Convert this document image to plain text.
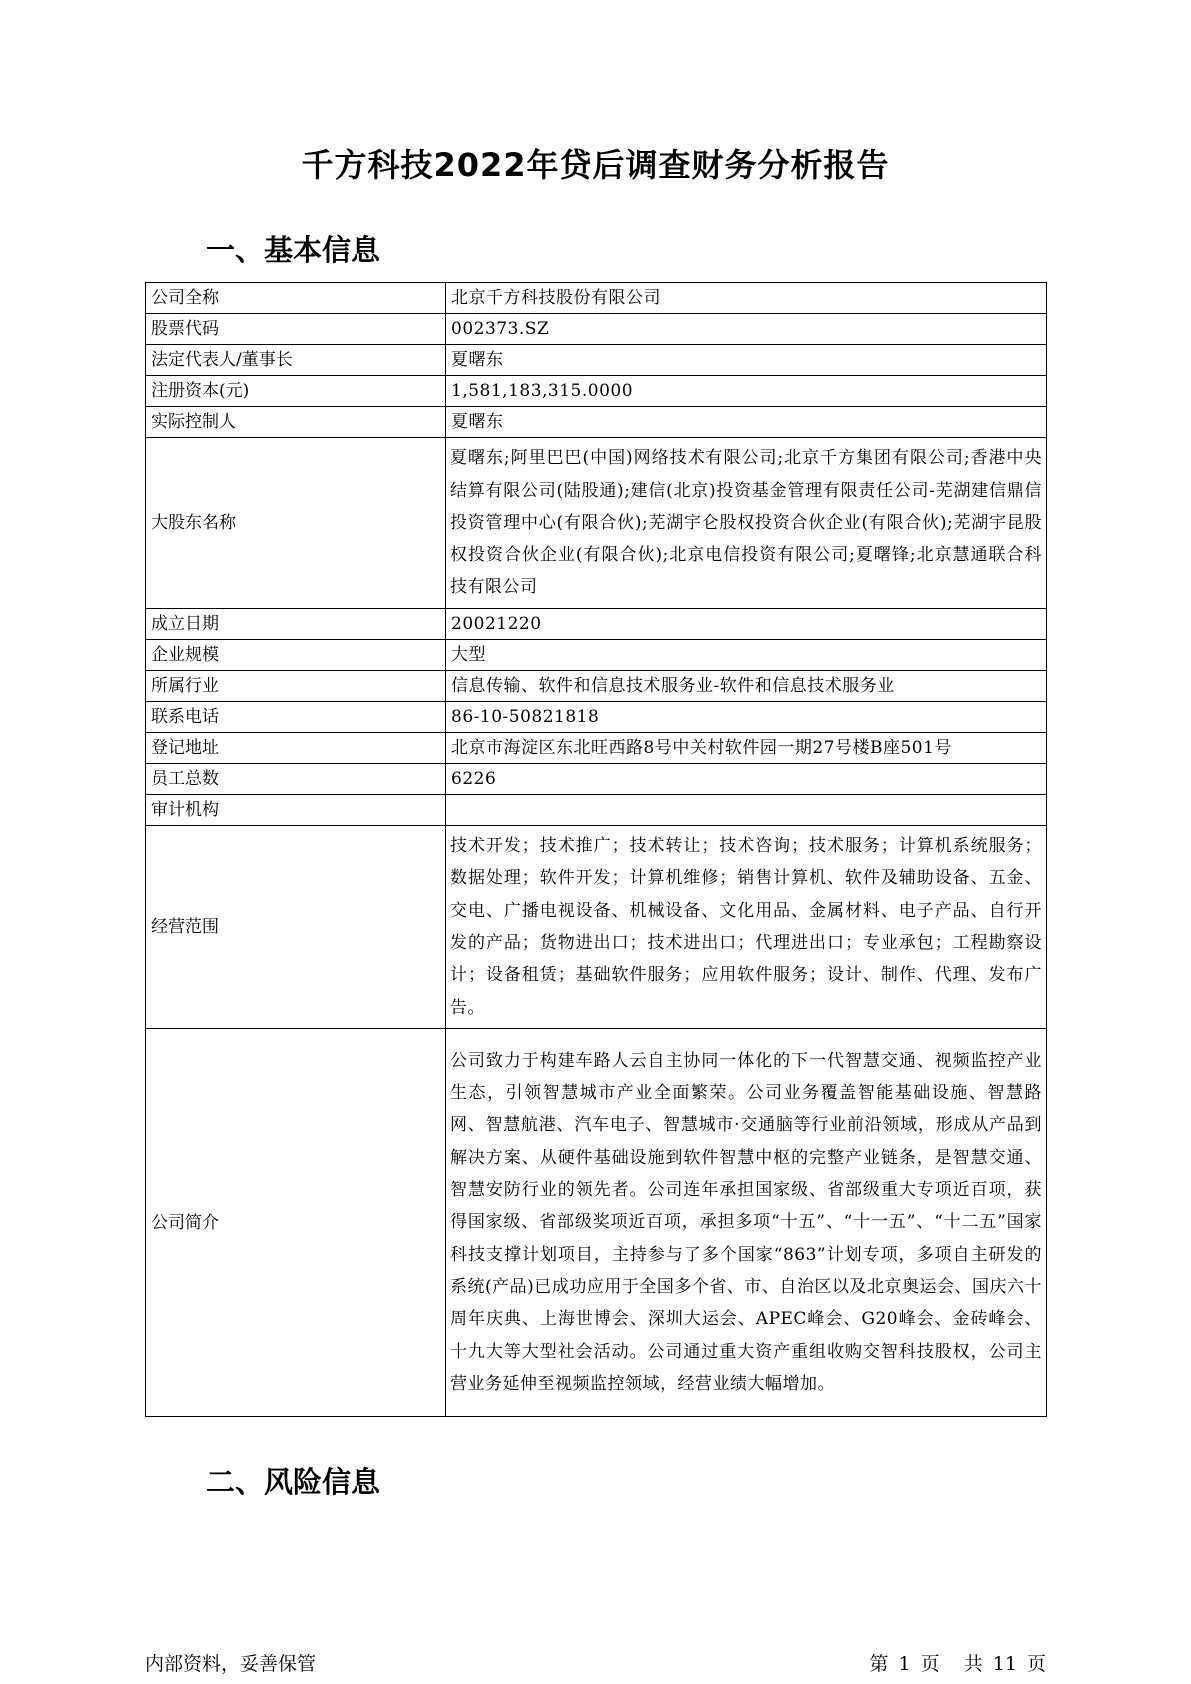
千方科技2022年贷后调查财务分析报告
一、基本信息
公司全称	北京千方科技股份有限公司
股票代码	002373.SZ
法定代表人/董事长	夏曙东
注册资本(元)	1,581,183,315.0000
实际控制人	夏曙东
大股东名称	夏曙东;阿里巴巴(中国)网络技术有限公司;北京千方集团有限公司;香港中央结算有限公司(陆股通);建信(北京)投资基金管理有限责任公司-芜湖建信鼎信投资管理中心(有限合伙);芜湖宇仑股权投资合伙企业(有限合伙);芜湖宇昆股权投资合伙企业(有限合伙);北京电信投资有限公司;夏曙锋;北京慧通联合科技有限公司
成立日期	20021220
企业规模	大型
所属行业	信息传输、软件和信息技术服务业-软件和信息技术服务业
联系电话	86-10-50821818
登记地址	北京市海淀区东北旺西路8号中关村软件园一期27号楼B座501号
员工总数	6226
审计机构	
经营范围	技术开发；技术推广；技术转让；技术咨询；技术服务；计算机系统服务；数据处理；软件开发；计算机维修；销售计算机、软件及辅助设备、五金、交电、广播电视设备、机械设备、文化用品、金属材料、电子产品、自行开发的产品；货物进出口；技术进出口；代理进出口；专业承包；工程勘察设计；设备租赁；基础软件服务；应用软件服务；设计、制作、代理、发布广告。
公司简介	公司致力于构建车路人云自主协同一体化的下一代智慧交通、视频监控产业生态，引领智慧城市产业全面繁荣。公司业务覆盖智能基础设施、智慧路网、智慧航港、汽车电子、智慧城市·交通脑等行业前沿领域，形成从产品到解决方案、从硬件基础设施到软件智慧中枢的完整产业链条，是智慧交通、智慧安防行业的领先者。公司连年承担国家级、省部级重大专项近百项，获得国家级、省部级奖项近百项，承担多项“十五”、“十一五”、“十二五”国家科技支撑计划项目，主持参与了多个国家“863”计划专项，多项自主研发的系统(产品)已成功应用于全国多个省、市、自治区以及北京奥运会、国庆六十周年庆典、上海世博会、深圳大运会、APEC峰会、G20峰会、金砖峰会、十九大等大型社会活动。公司通过重大资产重组收购交智科技股权，公司主营业务延伸至视频监控领域，经营业绩大幅增加。
二、风险信息
内部资料，妥善保管	第 1 页 共 11 页
